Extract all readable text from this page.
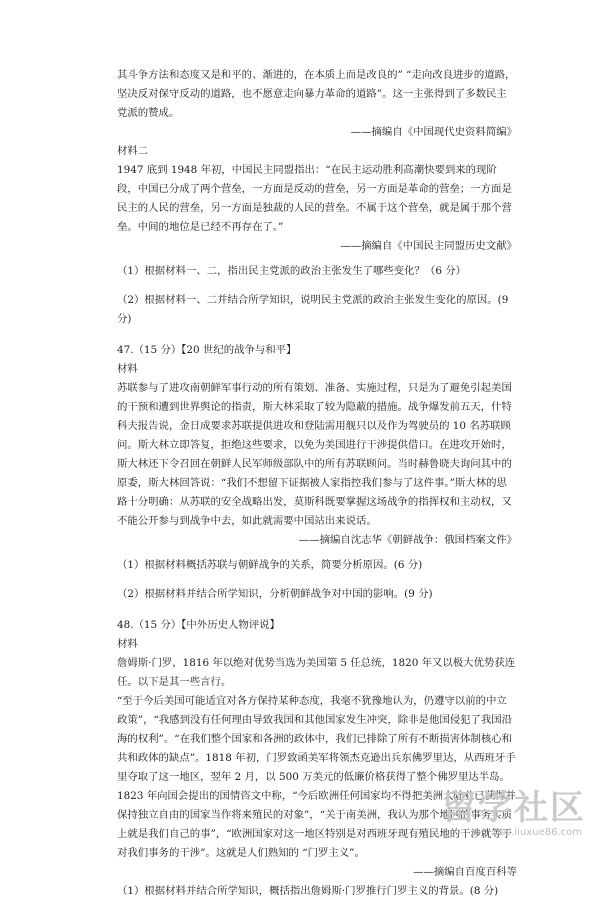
其斗争方法和态度又是和平的、渐进的，在本质上而是改良的” “走向改良进步的道路，坚决反对保守反动的道路，也不愿意走向暴力革命的道路”。这一主张得到了多数民主党派的赞成。

——摘编自《中国现代史资料简编》

材料二

1947 底到 1948 年初，中国民主同盟指出：“在民主运动胜利高潮快要到来的现阶段，中国已分成了两个营垒，一方面是反动的营垒，另一方面是革命的营垒；一方面是民主的人民的营垒，另一方面是独裁的人民的营垒。不属于这个营垒，就是属于那个营垒。中间的地位是已经不再存在了。”

——摘编自《中国民主同盟历史文献》

（1）根据材料一、二，指出民主党派的政治主张发生了哪些变化？（6 分）

（2）根据材料一、二并结合所学知识，说明民主党派的政治主张发生变化的原因。(9 分)

47.（15 分）【20 世纪的战争与和平】

材料

苏联参与了进攻南朝鲜军事行动的所有策划、准备、实施过程，只是为了避免引起美国的干预和遭到世界舆论的指责，斯大林采取了较为隐蔽的措施。战争爆发前五天，什特科夫报告说，金日成要求苏联提供进攻和登陆需用舰只以及作为驾驶员的 10 名苏联顾问。斯大林立即答复，拒绝这些要求，以免为美国进行干涉提供借口。在进攻开始时，斯大林还下令召回在朝鲜人民军师级部队中的所有苏联顾问。当时赫鲁晓夫询问其中的原委，斯大林回答说：“我们不想留下证据被人家指控我们参与了这件事。”斯大林的思路十分明确：从苏联的安全战略出发，莫斯科既要掌握这场战争的指挥权和主动权，又不能公开参与到战争中去，如此就需要中国站出来说话。

——摘编自沈志华《朝鲜战争：俄国档案文件》

（1）根据材料概括苏联与朝鲜战争的关系，简要分析原因。(6 分)

（2）根据材料并结合所学知识，分析朝鲜战争对中国的影响。(9 分)

48.（15 分）【中外历史人物评说】

材料

詹姆斯·门罗，1816 年以绝对优势当选为美国第 5 任总统，1820 年又以极大优势获连任。以下是其一些言行。

“至于今后美国可能适宜对各方保持某种态度，我毫不犹豫地认为，仍遵守以前的中立政策”，“我感到没有任何理由导致我国和其他国家发生冲突，除非是他国侵犯了我国沿海的权利”。“在我们整个国家和各洲的政体中，我们已排除了所有不断损害体制核心和共和政体的缺点”。1818 年初，门罗致函美军将领杰克逊出兵东佛罗里达，从西班牙手里夺取了这一地区，翌年 2 月，以 500 万美元的低廉价格获得了整个佛罗里达半岛。

1823 年向国会提出的国情咨文中称，“今后欧洲任何国家均不得把美洲大陆业已获得并保持独立自由的国家当作将来殖民的对象”，“关于南美洲，我认为那个地区的事务实质上就是我们自己的事”，“欧洲国家对这一地区特别是对西班牙现有殖民地的干涉就等于对我们事务的干涉”。这就是人们熟知的 “门罗主义”。

——摘编自百度百科等

（1）根据材料并结合所学知识，概括指出詹姆斯·门罗推行门罗主义的背景。(8 分)

留学社区
bbs.liuxue86.com
